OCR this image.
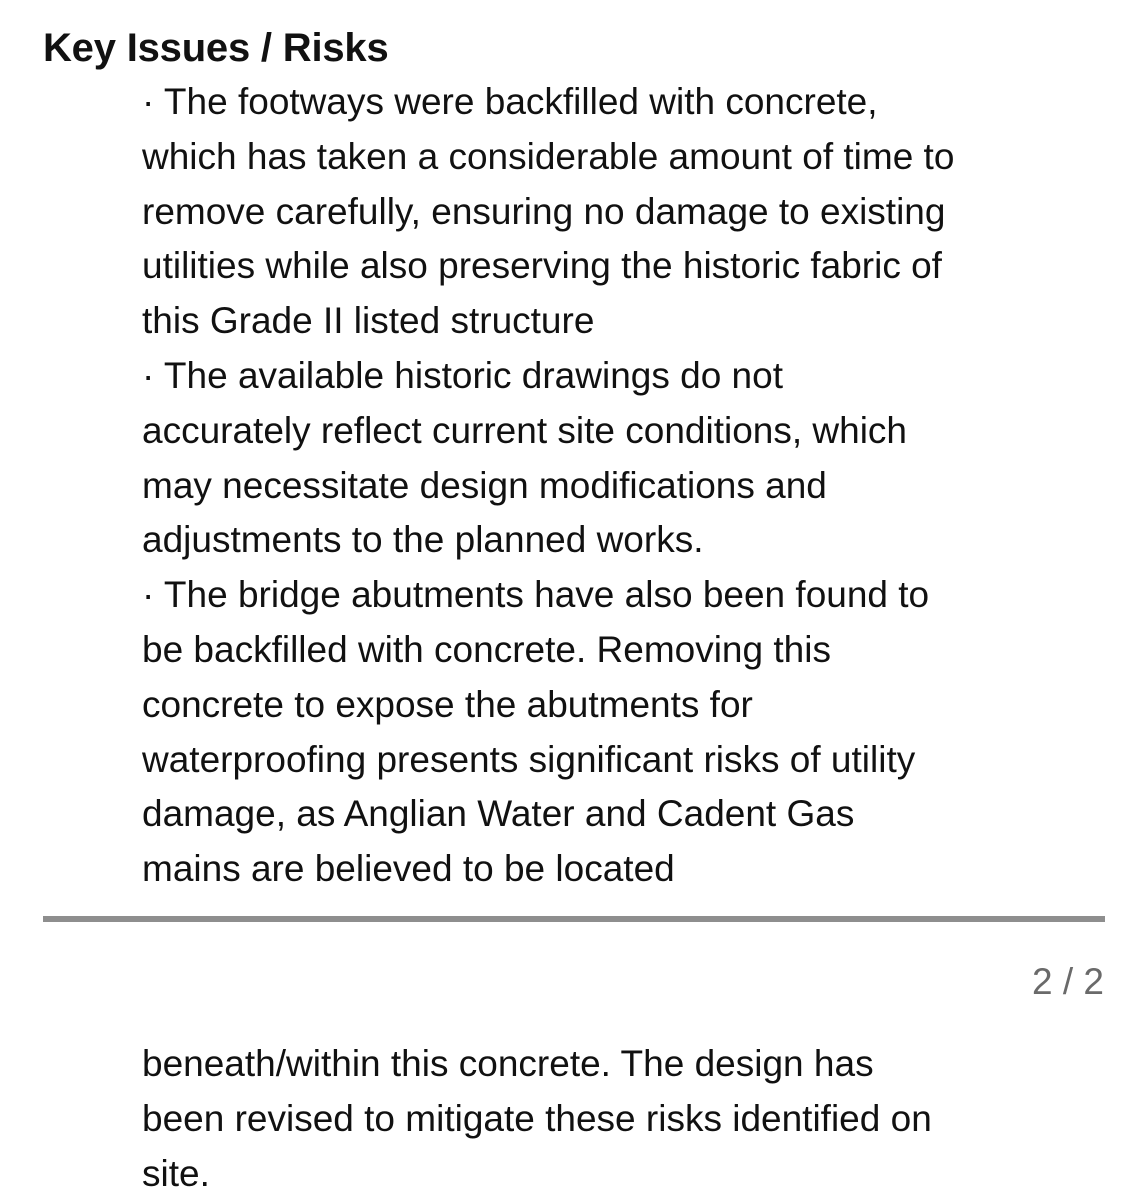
Key Issues / Risks
· The footways were backfilled with concrete,
which has taken a considerable amount of time to
remove carefully, ensuring no damage to existing
utilities while also preserving the historic fabric of
this Grade II listed structure
· The available historic drawings do not
accurately reflect current site conditions, which
may necessitate design modifications and
adjustments to the planned works.
· The bridge abutments have also been found to
be backfilled with concrete. Removing this
concrete to expose the abutments for
waterproofing presents significant risks of utility
damage, as Anglian Water and Cadent Gas
mains are believed to be located
2 / 2
beneath/within this concrete. The design has
been revised to mitigate these risks identified on
site.
